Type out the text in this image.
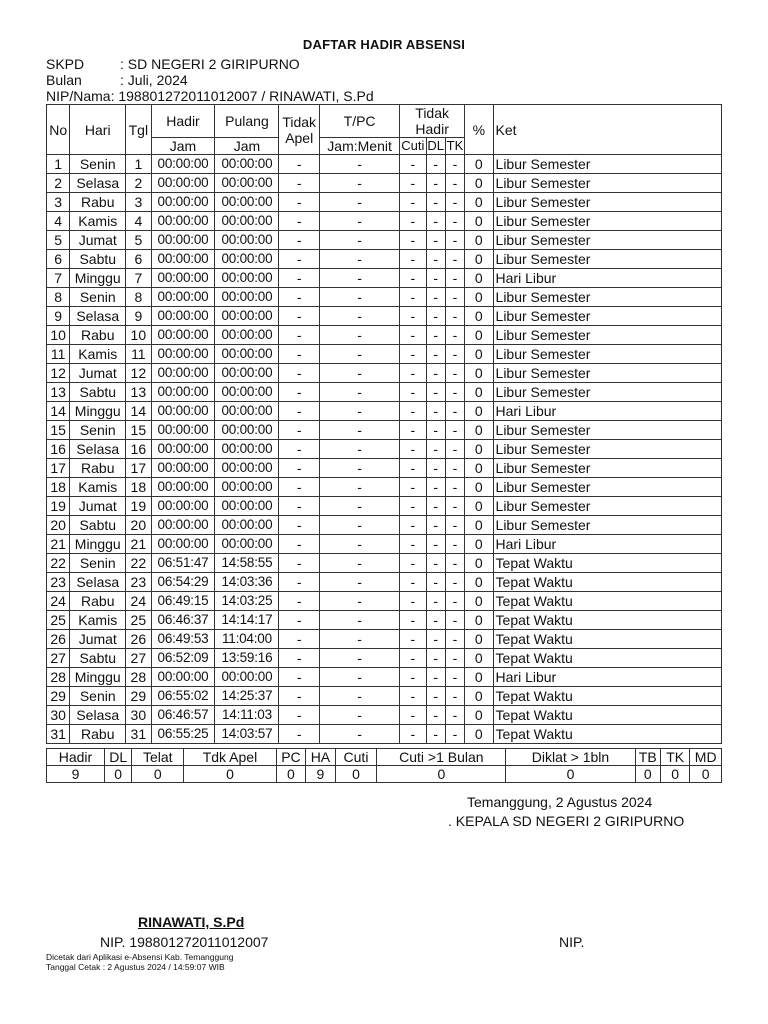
DAFTAR HADIR ABSENSI
SKPD	: SD NEGERI 2 GIRIPURNO
Bulan	: Juli, 2024
NIP/Nama: 198801272011012007 / RINAWATI, S.Pd
No	Hari	Tgl	Hadir	Pulang	Tidak Apel	T/PC	Tidak Hadir			%	Ket
			Jam	Jam		Jam:Menit	Cuti	DL	TK		
1	Senin	1	00:00:00	00:00:00	-	-	-	-	-	0	Libur Semester
2	Selasa	2	00:00:00	00:00:00	-	-	-	-	-	0	Libur Semester
3	Rabu	3	00:00:00	00:00:00	-	-	-	-	-	0	Libur Semester
4	Kamis	4	00:00:00	00:00:00	-	-	-	-	-	0	Libur Semester
5	Jumat	5	00:00:00	00:00:00	-	-	-	-	-	0	Libur Semester
6	Sabtu	6	00:00:00	00:00:00	-	-	-	-	-	0	Libur Semester
7	Minggu	7	00:00:00	00:00:00	-	-	-	-	-	0	Hari Libur
8	Senin	8	00:00:00	00:00:00	-	-	-	-	-	0	Libur Semester
9	Selasa	9	00:00:00	00:00:00	-	-	-	-	-	0	Libur Semester
10	Rabu	10	00:00:00	00:00:00	-	-	-	-	-	0	Libur Semester
11	Kamis	11	00:00:00	00:00:00	-	-	-	-	-	0	Libur Semester
12	Jumat	12	00:00:00	00:00:00	-	-	-	-	-	0	Libur Semester
13	Sabtu	13	00:00:00	00:00:00	-	-	-	-	-	0	Libur Semester
14	Minggu	14	00:00:00	00:00:00	-	-	-	-	-	0	Hari Libur
15	Senin	15	00:00:00	00:00:00	-	-	-	-	-	0	Libur Semester
16	Selasa	16	00:00:00	00:00:00	-	-	-	-	-	0	Libur Semester
17	Rabu	17	00:00:00	00:00:00	-	-	-	-	-	0	Libur Semester
18	Kamis	18	00:00:00	00:00:00	-	-	-	-	-	0	Libur Semester
19	Jumat	19	00:00:00	00:00:00	-	-	-	-	-	0	Libur Semester
20	Sabtu	20	00:00:00	00:00:00	-	-	-	-	-	0	Libur Semester
21	Minggu	21	00:00:00	00:00:00	-	-	-	-	-	0	Hari Libur
22	Senin	22	06:51:47	14:58:55	-	-	-	-	-	0	Tepat Waktu
23	Selasa	23	06:54:29	14:03:36	-	-	-	-	-	0	Tepat Waktu
24	Rabu	24	06:49:15	14:03:25	-	-	-	-	-	0	Tepat Waktu
25	Kamis	25	06:46:37	14:14:17	-	-	-	-	-	0	Tepat Waktu
26	Jumat	26	06:49:53	11:04:00	-	-	-	-	-	0	Tepat Waktu
27	Sabtu	27	06:52:09	13:59:16	-	-	-	-	-	0	Tepat Waktu
28	Minggu	28	00:00:00	00:00:00	-	-	-	-	-	0	Hari Libur
29	Senin	29	06:55:02	14:25:37	-	-	-	-	-	0	Tepat Waktu
30	Selasa	30	06:46:57	14:11:03	-	-	-	-	-	0	Tepat Waktu
31	Rabu	31	06:55:25	14:03:57	-	-	-	-	-	0	Tepat Waktu
Hadir	DL	Telat	Tdk Apel	PC	HA	Cuti	Cuti >1 Bulan	Diklat > 1bln	TB	TK	MD
9	0	0	0	0	9	0	0	0	0	0	0
Temanggung, 2 Agustus 2024
. KEPALA SD NEGERI 2 GIRIPURNO
RINAWATI, S.Pd
NIP. 198801272011012007	NIP.
Dicetak dari Aplikasi e-Absensi Kab. Temanggung
Tanggal Cetak : 2 Agustus 2024 / 14:59:07 WIB
